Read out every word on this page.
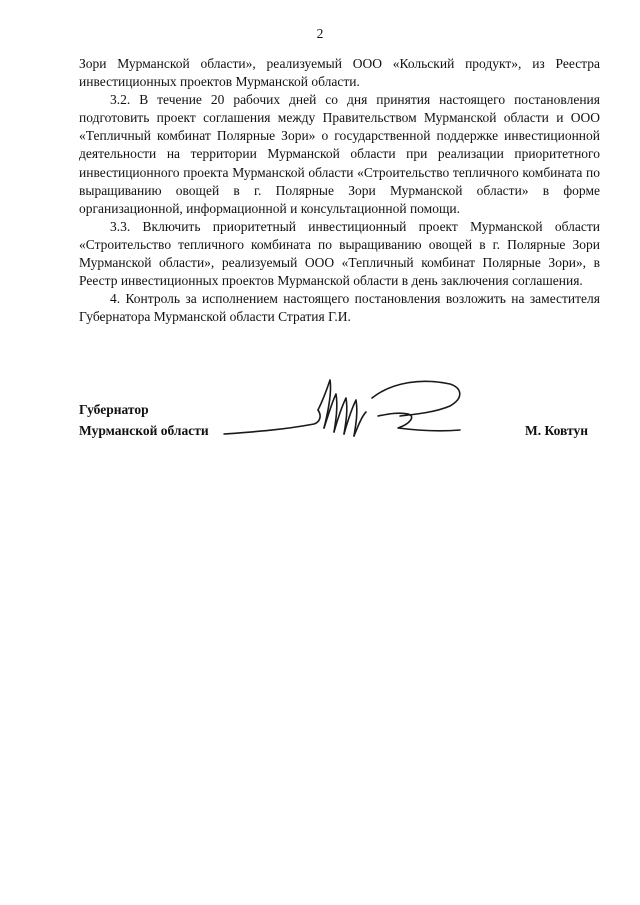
2

Зори Мурманской области», реализуемый ООО «Кольский продукт», из Реестра инвестиционных проектов Мурманской области.

3.2. В течение 20 рабочих дней со дня принятия настоящего постановления подготовить проект соглашения между Правительством Мурманской области и ООО «Тепличный комбинат Полярные Зори» о государственной поддержке инвестиционной деятельности на территории Мурманской области при реализации приоритетного инвестиционного проекта Мурманской области «Строительство тепличного комбината по выращиванию овощей в г. Полярные Зори Мурманской области» в форме организационной, информационной и консультационной помощи.

3.3. Включить приоритетный инвестиционный проект Мурманской области «Строительство тепличного комбината по выращиванию овощей в г. Полярные Зори Мурманской области», реализуемый ООО «Тепличный комбинат Полярные Зори», в Реестр инвестиционных проектов Мурманской области в день заключения соглашения.

4. Контроль за исполнением настоящего постановления возложить на заместителя Губернатора Мурманской области Стратия Г.И.

Губернатор
Мурманской области	М. Ковтун
